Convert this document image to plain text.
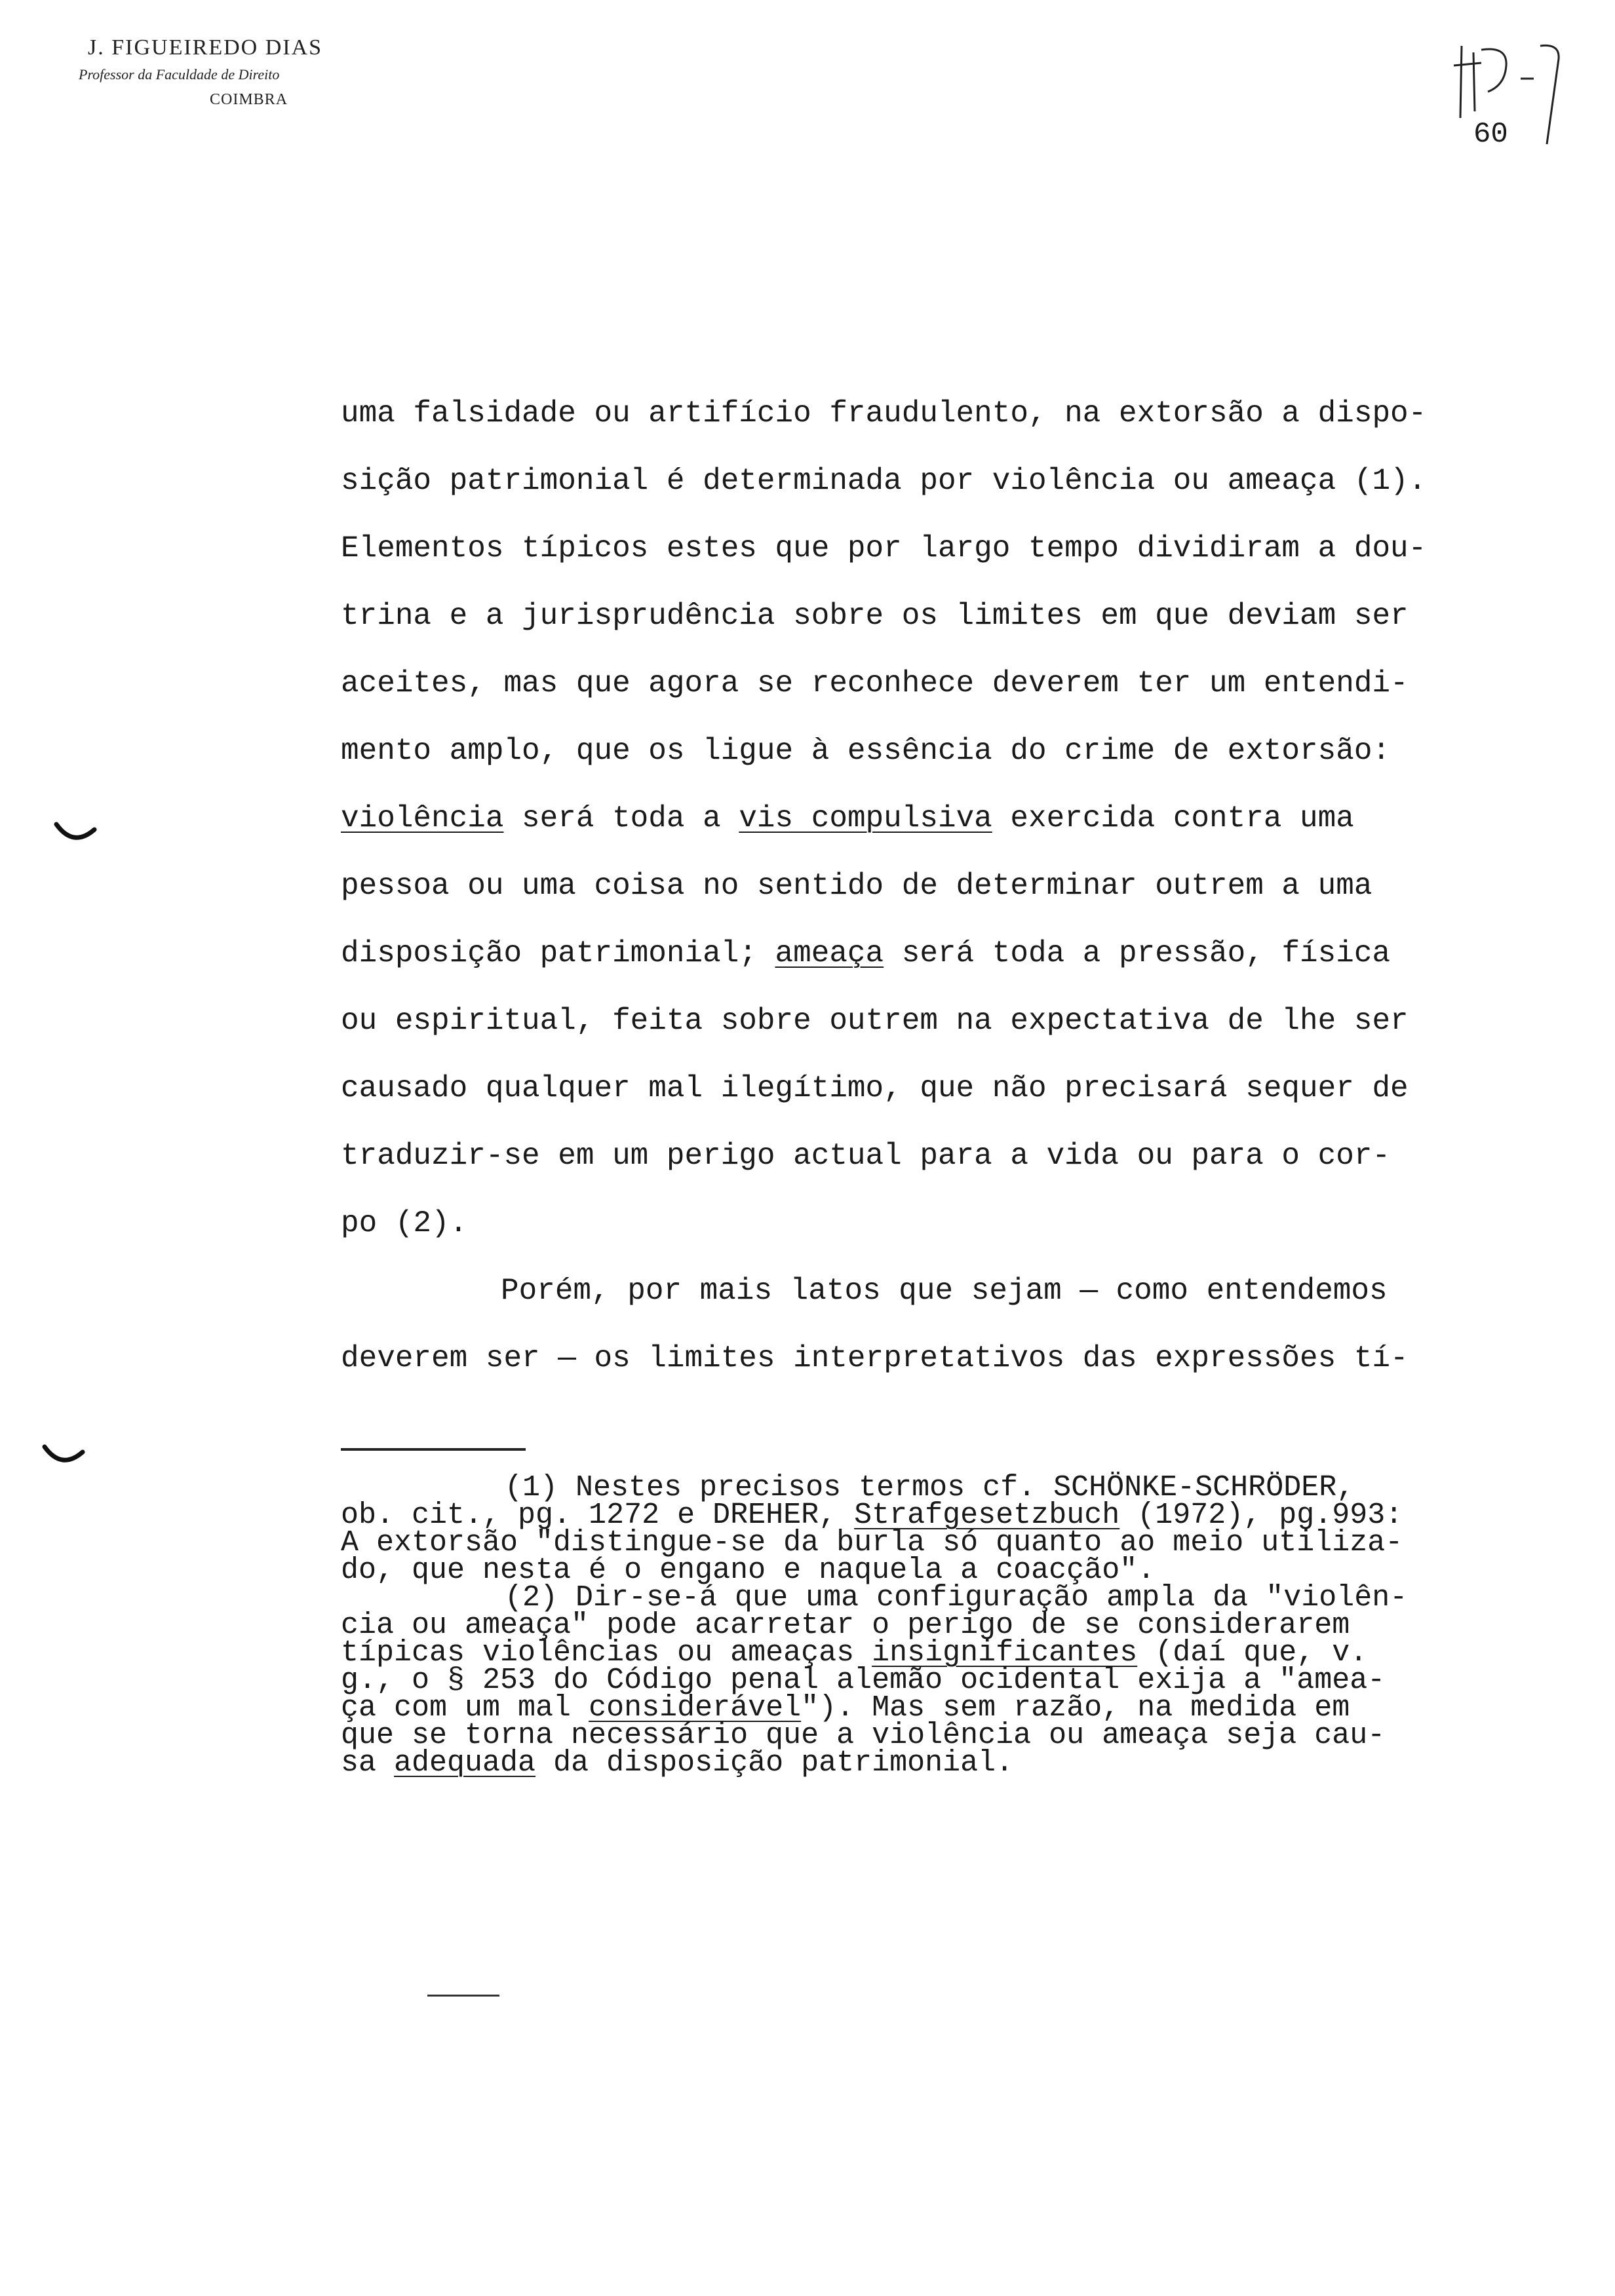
J. FIGUEIREDO DIAS
Professor da Faculdade de Direito
COIMBRA
60
uma falsidade ou artifício fraudulento, na extorsão a dispo-
sição patrimonial é determinada por violência ou ameaça (1).
Elementos típicos estes que por largo tempo dividiram a dou-
trina e a jurisprudência sobre os limites em que deviam ser
aceites, mas que agora se reconhece deverem ter um entendi-
mento amplo, que os ligue à essência do crime de extorsão:
violência será toda a vis compulsiva exercida contra uma
pessoa ou uma coisa no sentido de determinar outrem a uma
disposição patrimonial; ameaça será toda a pressão, física
ou espiritual, feita sobre outrem na expectativa de lhe ser
causado qualquer mal ilegítimo, que não precisará sequer de
traduzir-se em um perigo actual para a vida ou para o cor-
po (2).
Porém, por mais latos que sejam — como entendemos
deverem ser — os limites interpretativos das expressões tí-
(1) Nestes precisos termos cf. SCHÖNKE-SCHRÖDER,
ob. cit., pg. 1272 e DREHER, Strafgesetzbuch (1972), pg.993:
A extorsão "distingue-se da burla só quanto ao meio utiliza-
do, que nesta é o engano e naquela a coacção".
(2) Dir-se-á que uma configuração ampla da "violên-
cia ou ameaça" pode acarretar o perigo de se considerarem
típicas violências ou ameaças insignificantes (daí que, v.
g., o § 253 do Código penal alemão ocidental exija a "amea-
ça com um mal considerável"). Mas sem razão, na medida em
que se torna necessário que a violência ou ameaça seja cau-
sa adequada da disposição patrimonial.
